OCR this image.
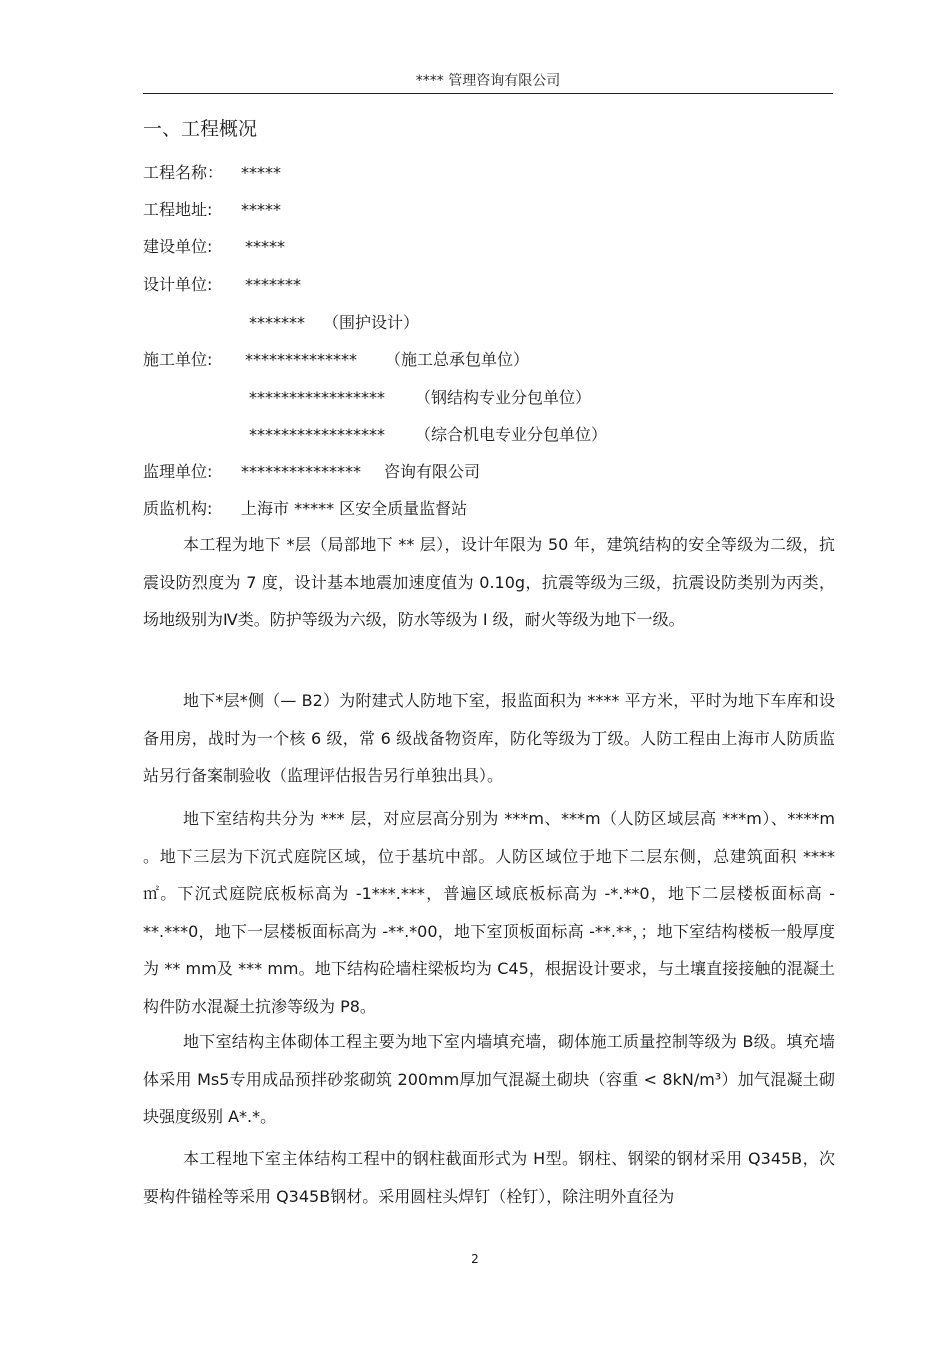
**** 管理咨询有限公司
一、工程概况
工程名称： *****
工程地址: *****
建设单位: *****
设计单位: *******
******* （围护设计）
施工单位: ************** （施工总承包单位）
***************** （钢结构专业分包单位）
***************** （综合机电专业分包单位）
监理单位: *************** 咨询有限公司
质监机构: 上海市 ***** 区安全质量监督站
本工程为地下 *层（局部地下 ** 层），设计年限为 50 年，建筑结构的安全等级为二级，抗震设防烈度为 7 度，设计基本地震加速度值为 0.10g，抗震等级为三级，抗震设防类别为丙类，场地级别为Ⅳ类。防护等级为六级，防水等级为 Ⅰ 级，耐火等级为地下一级。
地下*层*侧（— B2）为附建式人防地下室，报监面积为 **** 平方米，平时为地下车库和设备用房，战时为一个核 6 级，常 6 级战备物资库，防化等级为丁级。人防工程由上海市人防质监站另行备案制验收（监理评估报告另行单独出具）。
地下室结构共分为 *** 层，对应层高分别为 ***m、***m（人防区域层高 ***m）、****m 。地下三层为下沉式庭院区域，位于基坑中部。人防区域位于地下二层东侧，总建筑面积 **** ㎡。下沉式庭院底板标高为 -1***.***，普遍区域底板标高为 -*.**0，地下二层楼板面标高 -**.***0，地下一层楼板面标高为 -**.*00，地下室顶板面标高 -**.**，；地下室结构楼板一般厚度为 ** mm及 *** mm。地下结构砼墙柱梁板均为 C45，根据设计要求，与土壤直接接触的混凝土构件防水混凝土抗渗等级为 P8。
地下室结构主体砌体工程主要为地下室内墙填充墙，砌体施工质量控制等级为 B级。填充墙体采用 Ms5专用成品预拌砂浆砌筑 200mm厚加气混凝土砌块（容重 < 8kN/m³）加气混凝土砌块强度级别 A*.*。
本工程地下室主体结构工程中的钢柱截面形式为 H型。钢柱、钢梁的钢材采用 Q345B，次要构件锚栓等采用 Q345B钢材。采用圆柱头焊钉（栓钉），除注明外直径为
2
